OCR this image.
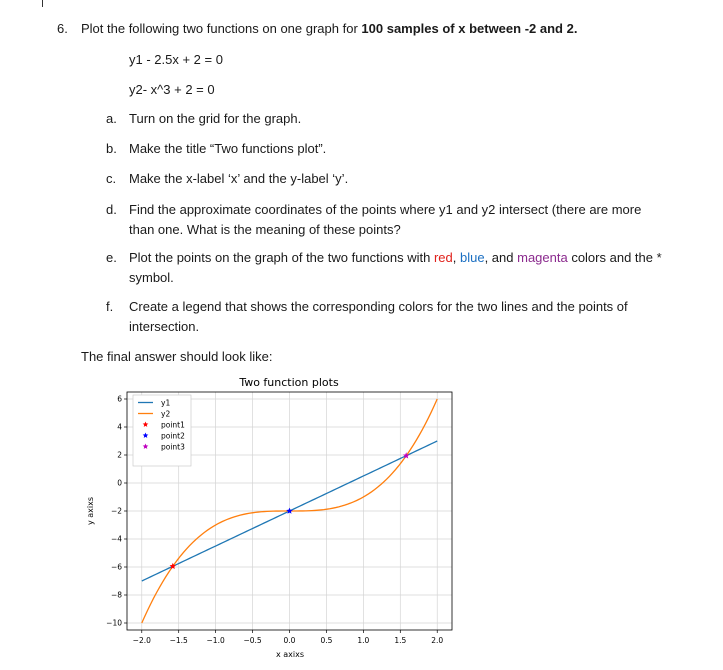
6. Plot the following two functions on one graph for 100 samples of x between -2 and 2.
y1 - 2.5x + 2 = 0
y2- x^3 + 2 = 0
a. Turn on the grid for the graph.
b. Make the title “Two functions plot”.
c. Make the x-label ‘x’ and the y-label ‘y’.
d. Find the approximate coordinates of the points where y1 and y2 intersect (there are more than one. What is the meaning of these points?
e. Plot the points on the graph of the two functions with red, blue, and magenta colors and the * symbol.
f. Create a legend that shows the corresponding colors for the two lines and the points of intersection.
The final answer should look like:
Two function plots
x axixs
y axixs
−2.0 −1.5 −1.0 −0.5	0.0	0.5	1.0	1.5	2.0
6
4
2
0
−2
−4
−6
−8
−10
y1
y2
point1
point2
point3
